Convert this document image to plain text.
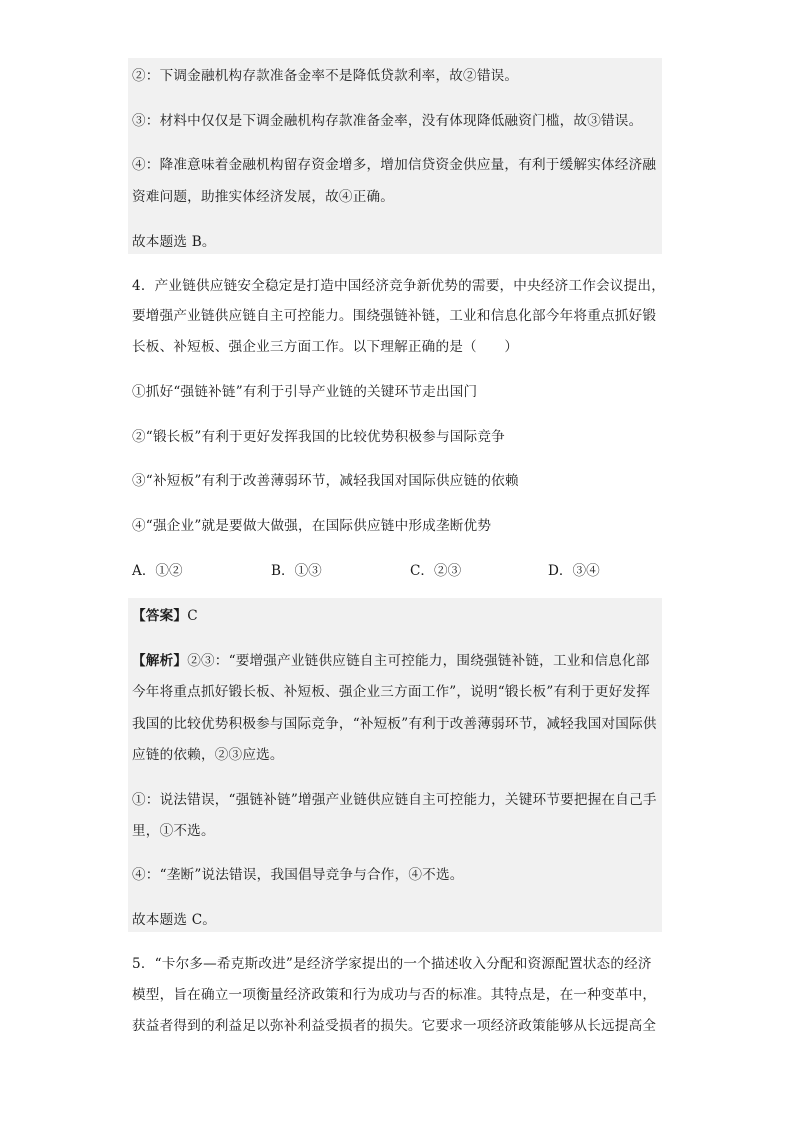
②：下调金融机构存款准备金率不是降低贷款利率，故②错误。
③：材料中仅仅是下调金融机构存款准备金率，没有体现降低融资门槛，故③错误。
④：降准意味着金融机构留存资金增多，增加信贷资金供应量，有利于缓解实体经济融
资难问题，助推实体经济发展，故④正确。
故本题选 B。
4．产业链供应链安全稳定是打造中国经济竞争新优势的需要，中央经济工作会议提出，
要增强产业链供应链自主可控能力。围绕强链补链，工业和信息化部今年将重点抓好锻
长板、补短板、强企业三方面工作。以下理解正确的是（　　）
①抓好“强链补链”有利于引导产业链的关键环节走出国门
②“锻长板”有利于更好发挥我国的比较优势积极参与国际竞争
③“补短板”有利于改善薄弱环节，减轻我国对国际供应链的依赖
④“强企业”就是要做大做强，在国际供应链中形成垄断优势
A．①②	B．①③	C．②③	D．③④
【答案】C
【解析】②③：“要增强产业链供应链自主可控能力，围绕强链补链，工业和信息化部
今年将重点抓好锻长板、补短板、强企业三方面工作”，说明“锻长板”有利于更好发挥
我国的比较优势积极参与国际竞争，“补短板”有利于改善薄弱环节，减轻我国对国际供
应链的依赖，②③应选。
①：说法错误，“强链补链”增强产业链供应链自主可控能力，关键环节要把握在自己手
里，①不选。
④：“垄断”说法错误，我国倡导竞争与合作，④不选。
故本题选 C。
5．“卡尔多—希克斯改进”是经济学家提出的一个描述收入分配和资源配置状态的经济
模型，旨在确立一项衡量经济政策和行为成功与否的标准。其特点是，在一种变革中，
获益者得到的利益足以弥补利益受损者的损失。它要求一项经济政策能够从长远提高全
